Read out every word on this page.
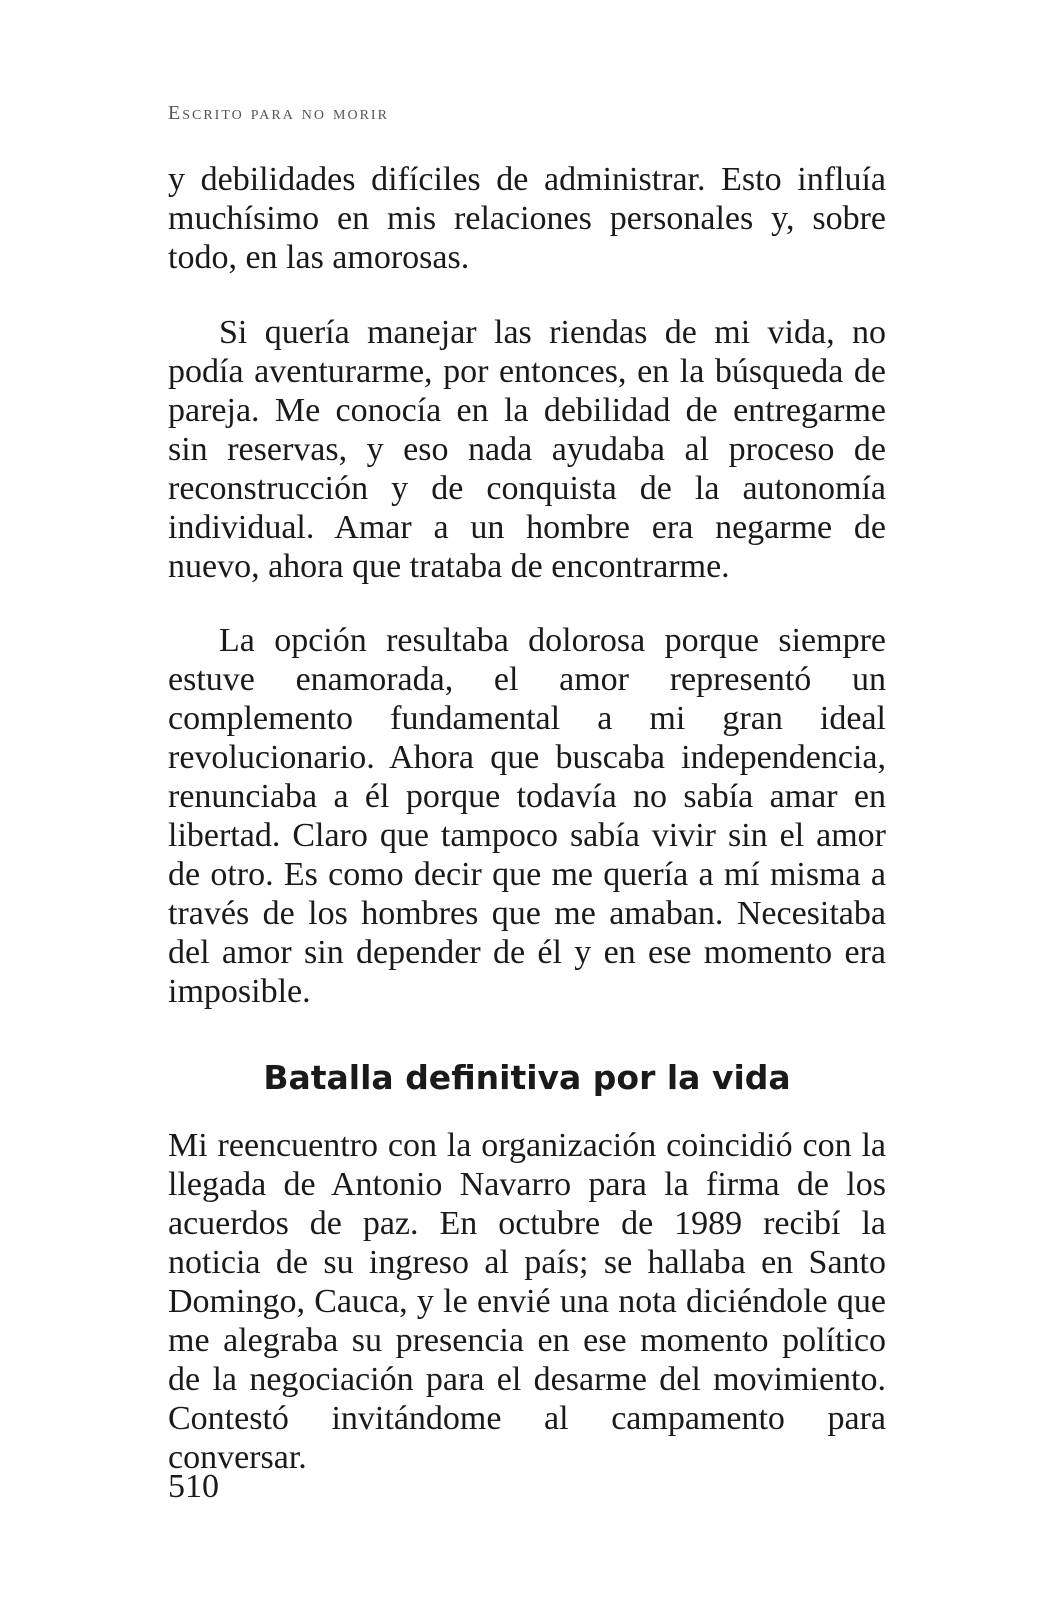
Escrito para no morir

y debilidades difíciles de administrar. Esto influía muchísimo en mis relaciones personales y, sobre todo, en las amorosas.

Si quería manejar las riendas de mi vida, no podía aventurarme, por entonces, en la búsqueda de pareja. Me conocía en la debilidad de entregarme sin reservas, y eso nada ayudaba al proceso de reconstrucción y de conquista de la autonomía individual. Amar a un hombre era negarme de nuevo, ahora que trataba de encontrarme.

La opción resultaba dolorosa porque siempre estuve enamorada, el amor representó un complemento fundamental a mi gran ideal revolucionario. Ahora que buscaba independencia, renunciaba a él porque todavía no sabía amar en libertad. Claro que tampoco sabía vivir sin el amor de otro. Es como decir que me quería a mí misma a través de los hombres que me amaban. Necesitaba del amor sin depender de él y en ese momento era imposible.

Batalla definitiva por la vida

Mi reencuentro con la organización coincidió con la llegada de Antonio Navarro para la firma de los acuerdos de paz. En octubre de 1989 recibí la noticia de su ingreso al país; se hallaba en Santo Domingo, Cauca, y le envié una nota diciéndole que me alegraba su presencia en ese momento político de la negociación para el desarme del movimiento. Contestó invitándome al campamento para conversar.

510
